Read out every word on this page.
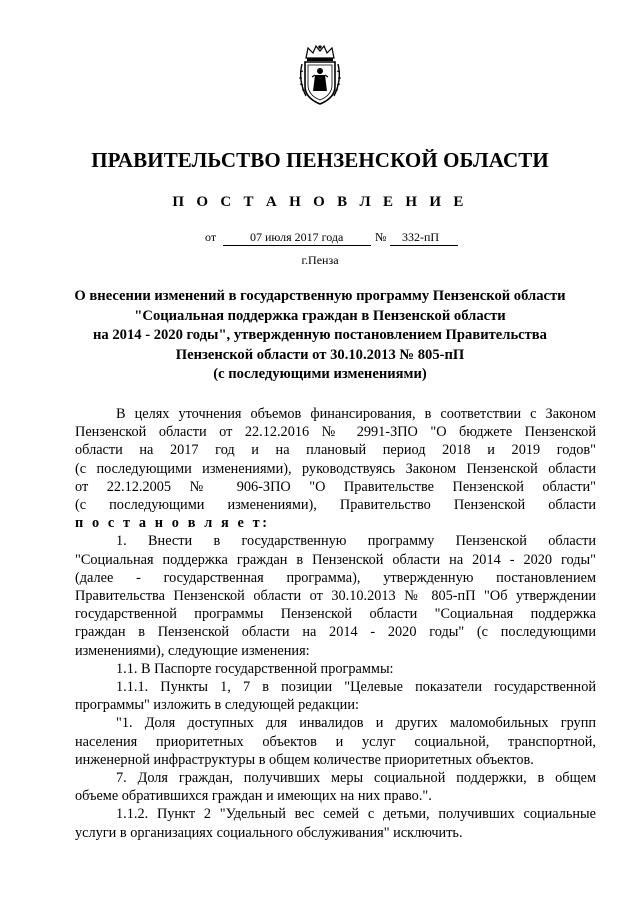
ПРАВИТЕЛЬСТВО ПЕНЗЕНСКОЙ ОБЛАСТИ
П О С Т А Н О В Л Е Н И Е
от	07 июля 2017 года	№ 332-пП
г.Пенза
О внесении изменений в государственную программу Пензенской области
"Социальная поддержка граждан в Пензенской области
на 2014 - 2020 годы", утвержденную постановлением Правительства
Пензенской области от 30.10.2013 № 805-пП
(с последующими изменениями)
В целях уточнения объемов финансирования, в соответствии с Законом
Пензенской области от 22.12.2016 № 2991-ЗПО "О бюджете Пензенской
области на 2017 год и на плановый период 2018 и 2019 годов"
(с последующими изменениями), руководствуясь Законом Пензенской области
от 22.12.2005 № 906-ЗПО "О Правительстве Пензенской области"
(с последующими изменениями), Правительство Пензенской области
п о с т а н о в л я е т:
1. Внести в государственную программу Пензенской области
"Социальная поддержка граждан в Пензенской области на 2014 - 2020 годы"
(далее - государственная программа), утвержденную постановлением
Правительства Пензенской области от 30.10.2013 № 805-пП "Об утверждении
государственной программы Пензенской области "Социальная поддержка
граждан в Пензенской области на 2014 - 2020 годы" (с последующими
изменениями), следующие изменения:
1.1. В Паспорте государственной программы:
1.1.1. Пункты 1, 7 в позиции "Целевые показатели государственной
программы" изложить в следующей редакции:
"1. Доля доступных для инвалидов и других маломобильных групп
населения приоритетных объектов и услуг социальной, транспортной,
инженерной инфраструктуры в общем количестве приоритетных объектов.
7. Доля граждан, получивших меры социальной поддержки, в общем
объеме обратившихся граждан и имеющих на них право.".
1.1.2. Пункт 2 "Удельный вес семей с детьми, получивших социальные
услуги в организациях социального обслуживания" исключить.
